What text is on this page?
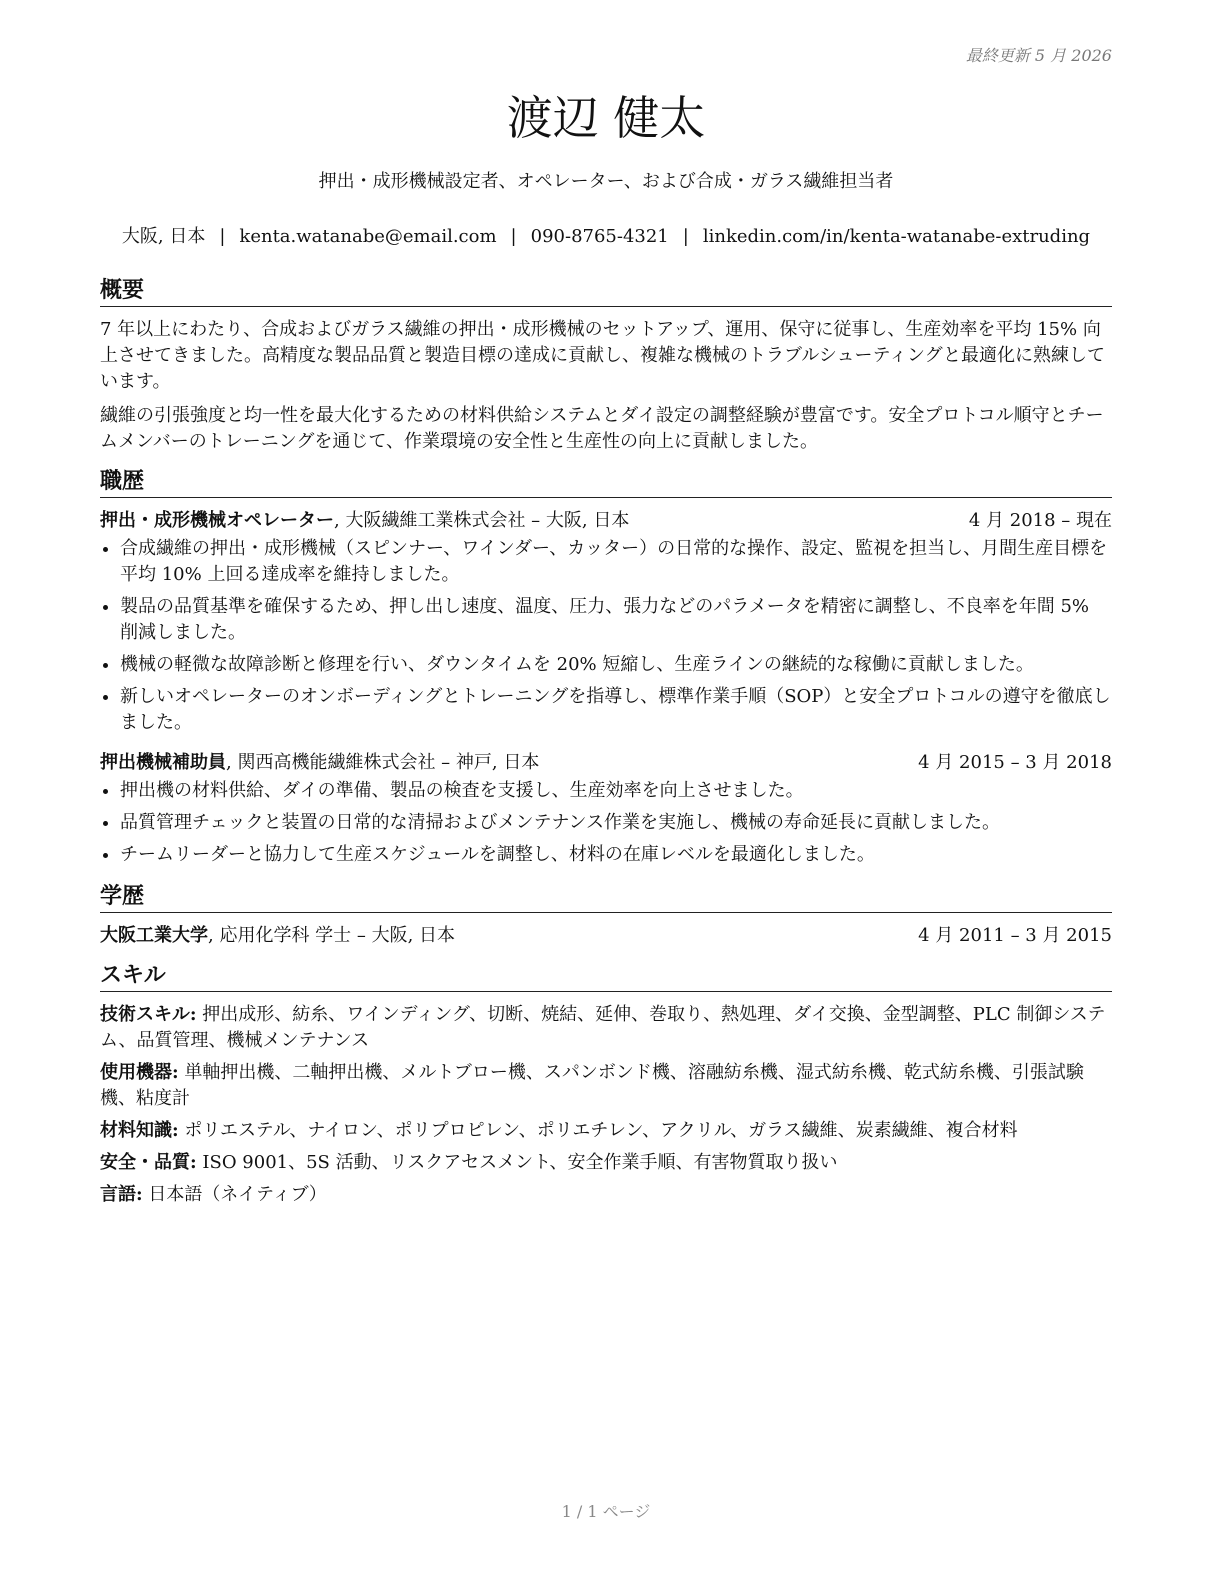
最終更新 5 月 2026
渡辺 健太
押出・成形機械設定者、オペレーター、および合成・ガラス繊維担当者
大阪, 日本 | kenta.watanabe@email.com | 090-8765-4321 | linkedin.com/in/kenta-watanabe-extruding
概要

7 年以上にわたり、合成およびガラス繊維の押出・成形機械のセットアップ、運用、保守に従事し、生産効率を平均 15% 向上させてきました。高精度な製品品質と製造目標の達成に貢献し、複雑な機械のトラブルシューティングと最適化に熟練しています。

繊維の引張強度と均一性を最大化するための材料供給システムとダイ設定の調整経験が豊富です。安全プロトコル順守とチームメンバーのトレーニングを通じて、作業環境の安全性と生産性の向上に貢献しました。

職歴
押出・成形機械オペレーター, 大阪繊維工業株式会社 – 大阪, 日本	4 月 2018 – 現在
• 合成繊維の押出・成形機械（スピンナー、ワインダー、カッター）の日常的な操作、設定、監視を担当し、月間生産目標を平均 10% 上回る達成率を維持しました。
• 製品の品質基準を確保するため、押し出し速度、温度、圧力、張力などのパラメータを精密に調整し、不良率を年間 5% 削減しました。
• 機械の軽微な故障診断と修理を行い、ダウンタイムを 20% 短縮し、生産ラインの継続的な稼働に貢献しました。
• 新しいオペレーターのオンボーディングとトレーニングを指導し、標準作業手順（SOP）と安全プロトコルの遵守を徹底しました。
押出機械補助員, 関西高機能繊維株式会社 – 神戸, 日本	4 月 2015 – 3 月 2018
• 押出機の材料供給、ダイの準備、製品の検査を支援し、生産効率を向上させました。
• 品質管理チェックと装置の日常的な清掃およびメンテナンス作業を実施し、機械の寿命延長に貢献しました。
• チームリーダーと協力して生産スケジュールを調整し、材料の在庫レベルを最適化しました。
学歴
大阪工業大学, 応用化学科 学士 – 大阪, 日本	4 月 2011 – 3 月 2015
スキル

技術スキル: 押出成形、紡糸、ワインディング、切断、焼結、延伸、巻取り、熱処理、ダイ交換、金型調整、PLC 制御システム、品質管理、機械メンテナンス

使用機器: 単軸押出機、二軸押出機、メルトブロー機、スパンボンド機、溶融紡糸機、湿式紡糸機、乾式紡糸機、引張試験機、粘度計

材料知識: ポリエステル、ナイロン、ポリプロピレン、ポリエチレン、アクリル、ガラス繊維、炭素繊維、複合材料

安全・品質: ISO 9001、5S 活動、リスクアセスメント、安全作業手順、有害物質取り扱い

言語: 日本語（ネイティブ）

1 / 1 ページ
